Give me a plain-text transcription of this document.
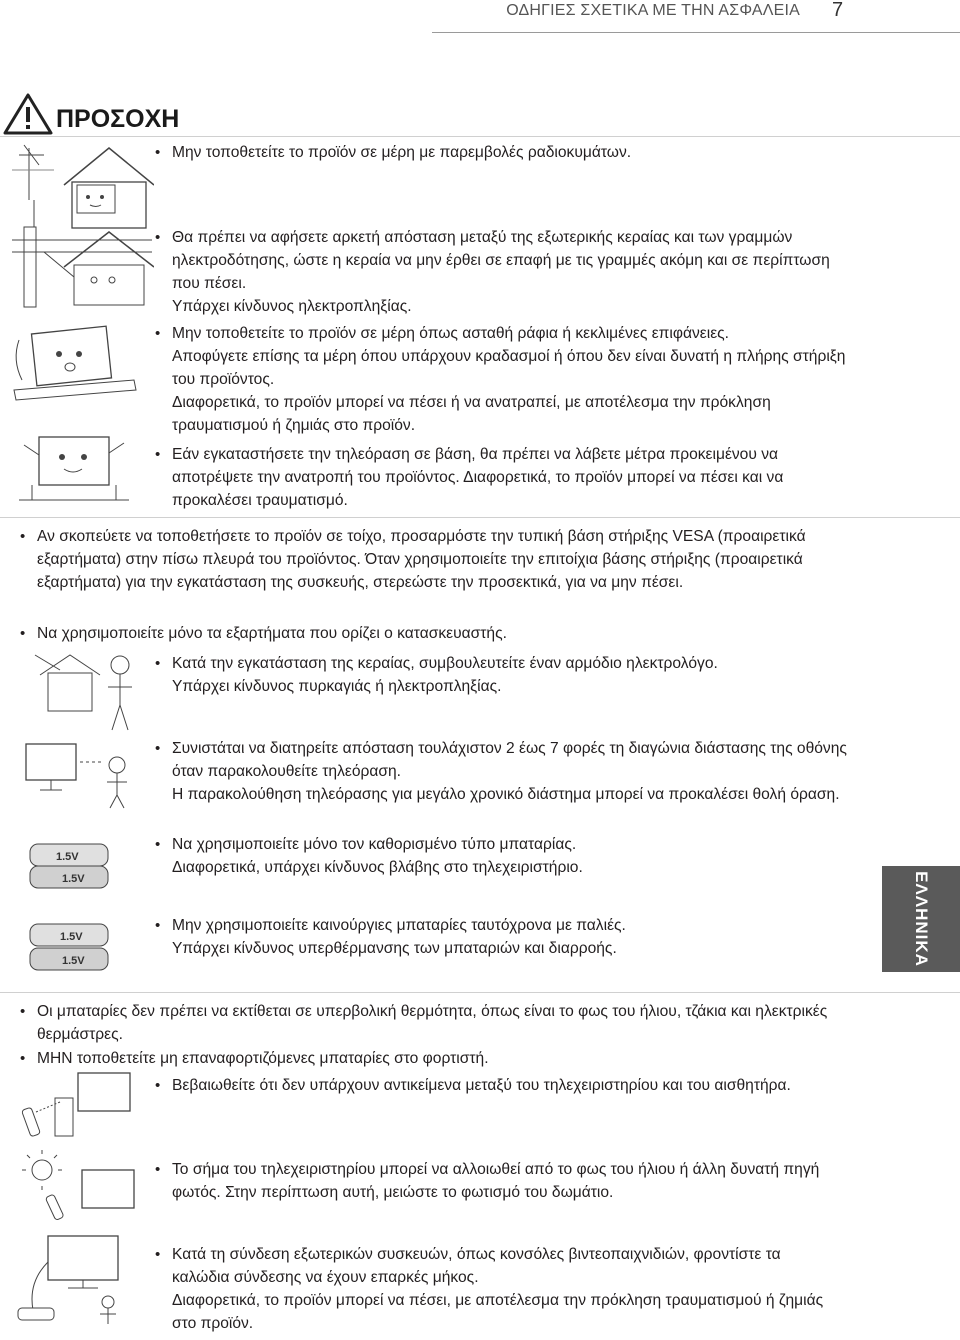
ΟΔΗΓΙΕΣ ΣΧΕΤΙΚΑ ΜΕ ΤΗΝ ΑΣΦΑΛΕΙΑ 7
ΠΡΟΣΟΧΗ
• Μην τοποθετείτε το προϊόν σε μέρη με παρεμβολές ραδιοκυμάτων.
• Θα πρέπει να αφήσετε αρκετή απόσταση μεταξύ της εξωτερικής κεραίας και των γραμμών ηλεκτροδότησης, ώστε η κεραία να μην έρθει σε επαφή με τις γραμμές ακόμη και σε περίπτωση που πέσει.
Υπάρχει κίνδυνος ηλεκτροπληξίας.
• Μην τοποθετείτε το προϊόν σε μέρη όπως ασταθή ράφια ή κεκλιμένες επιφάνειες.
Αποφύγετε επίσης τα μέρη όπου υπάρχουν κραδασμοί ή όπου δεν είναι δυνατή η πλήρης στήριξη του προϊόντος.
Διαφορετικά, το προϊόν μπορεί να πέσει ή να ανατραπεί, με αποτέλεσμα την πρόκληση τραυματισμού ή ζημιάς στο προϊόν.
• Εάν εγκαταστήσετε την τηλεόραση σε βάση, θα πρέπει να λάβετε μέτρα προκειμένου να αποτρέψετε την ανατροπή του προϊόντος. Διαφορετικά, το προϊόν μπορεί να πέσει και να προκαλέσει τραυματισμό.
• Αν σκοπεύετε να τοποθετήσετε το προϊόν σε τοίχο, προσαρμόστε την τυπική βάση στήριξης VESA (προαιρετικά εξαρτήματα) στην πίσω πλευρά του προϊόντος. Όταν χρησιμοποιείτε την επιτοίχια βάσης στήριξης (προαιρετικά εξαρτήματα) για την εγκατάσταση της συσκευής, στερεώστε την προσεκτικά, για να μην πέσει.
• Να χρησιμοποιείτε μόνο τα εξαρτήματα που ορίζει ο κατασκευαστής.
• Κατά την εγκατάσταση της κεραίας, συμβουλευτείτε έναν αρμόδιο ηλεκτρολόγο.
Υπάρχει κίνδυνος πυρκαγιάς ή ηλεκτροπληξίας.
• Συνιστάται να διατηρείτε απόσταση τουλάχιστον 2 έως 7 φορές τη διαγώνια διάστασης της οθόνης όταν παρακολουθείτε τηλεόραση.
Η παρακολούθηση τηλεόρασης για μεγάλο χρονικό διάστημα μπορεί να προκαλέσει θολή όραση.
1.5V
1.5V
• Να χρησιμοποιείτε μόνο τον καθορισμένο τύπο μπαταρίας.
Διαφορετικά, υπάρχει κίνδυνος βλάβης στο τηλεχειριστήριο.
1.5V
1.5V
• Μην χρησιμοποιείτε καινούργιες μπαταρίες ταυτόχρονα με παλιές.
Υπάρχει κίνδυνος υπερθέρμανσης των μπαταριών και διαρροής.	ΕΛΛΗΝΙΚΑ
• Οι μπαταρίες δεν πρέπει να εκτίθεται σε υπερβολική θερμότητα, όπως είναι το φως του ήλιου, τζάκια και ηλεκτρικές θερμάστρες.
• ΜΗΝ τοποθετείτε μη επαναφορτιζόμενες μπαταρίες στο φορτιστή.
• Βεβαιωθείτε ότι δεν υπάρχουν αντικείμενα μεταξύ του τηλεχειριστηρίου και του αισθητήρα.
• Το σήμα του τηλεχειριστηρίου μπορεί να αλλοιωθεί από το φως του ήλιου ή άλλη δυνατή πηγή φωτός. Στην περίπτωση αυτή, μειώστε το φωτισμό του δωμάτιο.
• Κατά τη σύνδεση εξωτερικών συσκευών, όπως κονσόλες βιντεοπαιχνιδιών, φροντίστε τα καλώδια σύνδεσης να έχουν επαρκές μήκος.
Διαφορετικά, το προϊόν μπορεί να πέσει, με αποτέλεσμα την πρόκληση τραυματισμού ή ζημιάς στο προϊόν.
